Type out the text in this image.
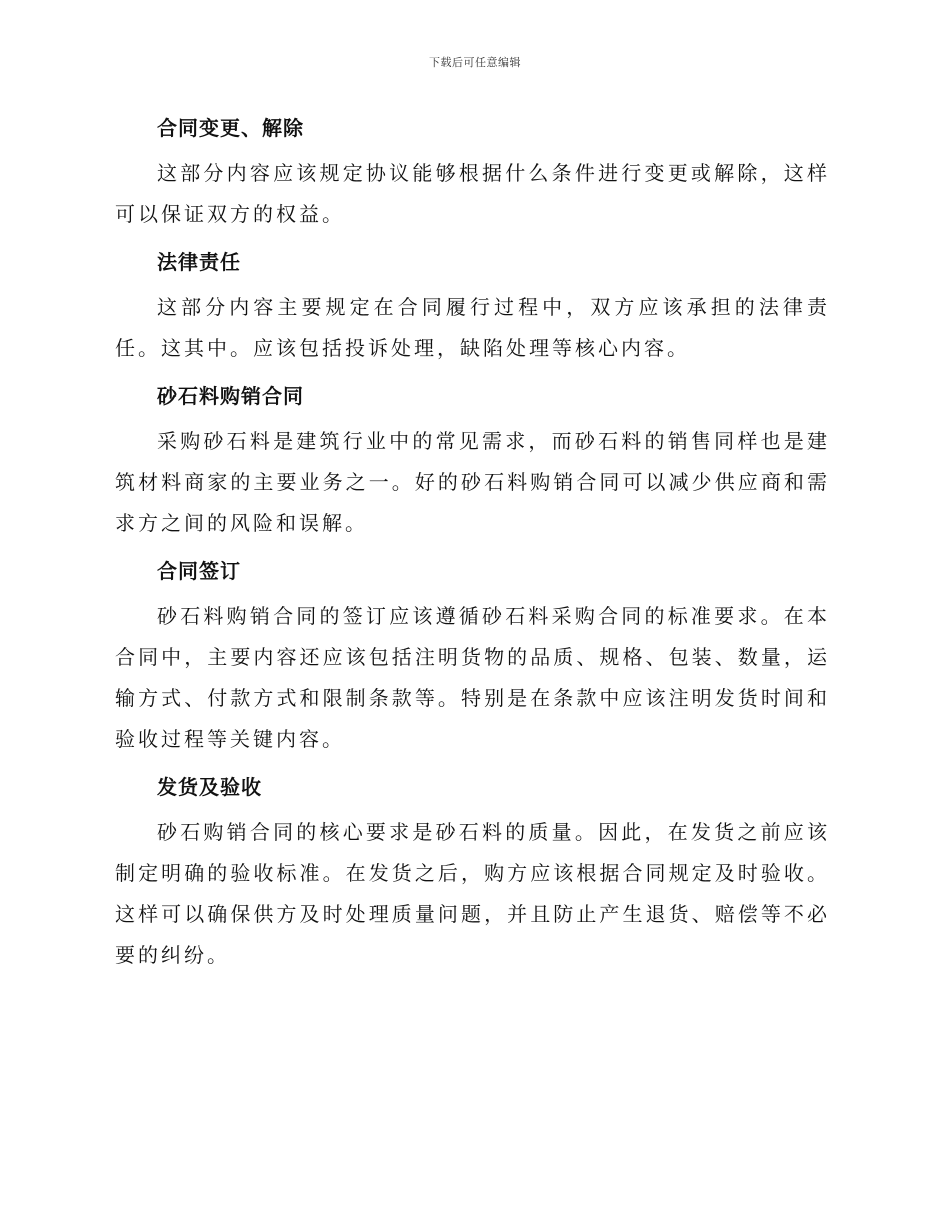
下载后可任意编辑
合同变更、解除

这部分内容应该规定协议能够根据什么条件进行变更或解除，这样可以保证双方的权益。

法律责任

这部分内容主要规定在合同履行过程中，双方应该承担的法律责任。这其中。应该包括投诉处理，缺陷处理等核心内容。

砂石料购销合同

采购砂石料是建筑行业中的常见需求，而砂石料的销售同样也是建筑材料商家的主要业务之一。好的砂石料购销合同可以减少供应商和需求方之间的风险和误解。

合同签订

砂石料购销合同的签订应该遵循砂石料采购合同的标准要求。在本合同中，主要内容还应该包括注明货物的品质、规格、包装、数量，运输方式、付款方式和限制条款等。特别是在条款中应该注明发货时间和验收过程等关键内容。

发货及验收

砂石购销合同的核心要求是砂石料的质量。因此，在发货之前应该制定明确的验收标准。在发货之后，购方应该根据合同规定及时验收。这样可以确保供方及时处理质量问题，并且防止产生退货、赔偿等不必要的纠纷。
